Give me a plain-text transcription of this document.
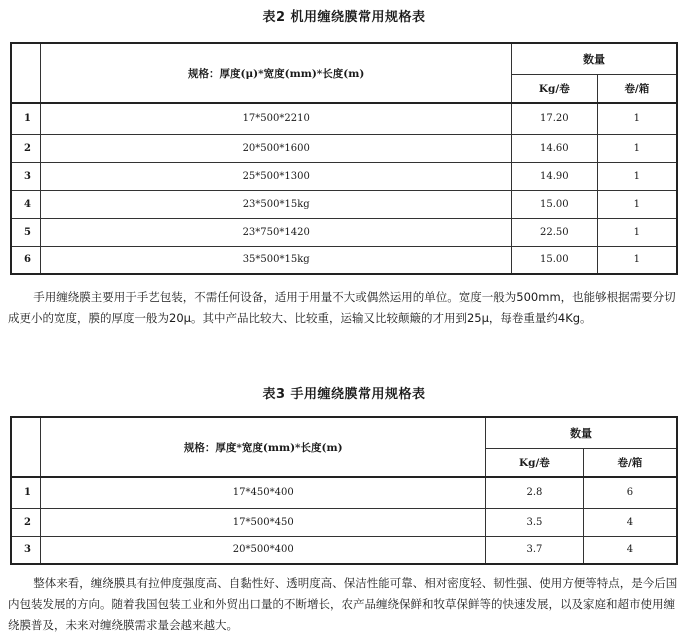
表2 机用缠绕膜常用规格表
	规格：厚度(μ)*宽度(mm)*长度(m)	数量	
		Kg/卷	卷/箱
1	17*500*2210	17.20	1
2	20*500*1600	14.60	1
3	25*500*1300	14.90	1
4	23*500*15kg	15.00	1
5	23*750*1420	22.50	1
6	35*500*15kg	15.00	1

手用缠绕膜主要用于手艺包装，不需任何设备，适用于用量不大或偶然运用的单位。宽度一般为500mm，也能够根据需要分切成更小的宽度，膜的厚度一般为20μ。其中产品比较大、比较重，运输又比较颠簸的才用到25μ，每卷重量约4Kg。

表3 手用缠绕膜常用规格表
	规格：厚度*宽度(mm)*长度(m)	数量	
		Kg/卷	卷/箱
1	17*450*400	2.8	6
2	17*500*450	3.5	4
3	20*500*400	3.7	4

整体来看，缠绕膜具有拉伸度强度高、自黏性好、透明度高、保洁性能可靠、相对密度轻、韧性强、使用方便等特点，是今后国内包装发展的方向。随着我国包装工业和外贸出口量的不断增长，农产品缠绕保鲜和牧草保鲜等的快速发展，以及家庭和超市使用缠绕膜普及，未来对缠绕膜需求量会越来越大。
